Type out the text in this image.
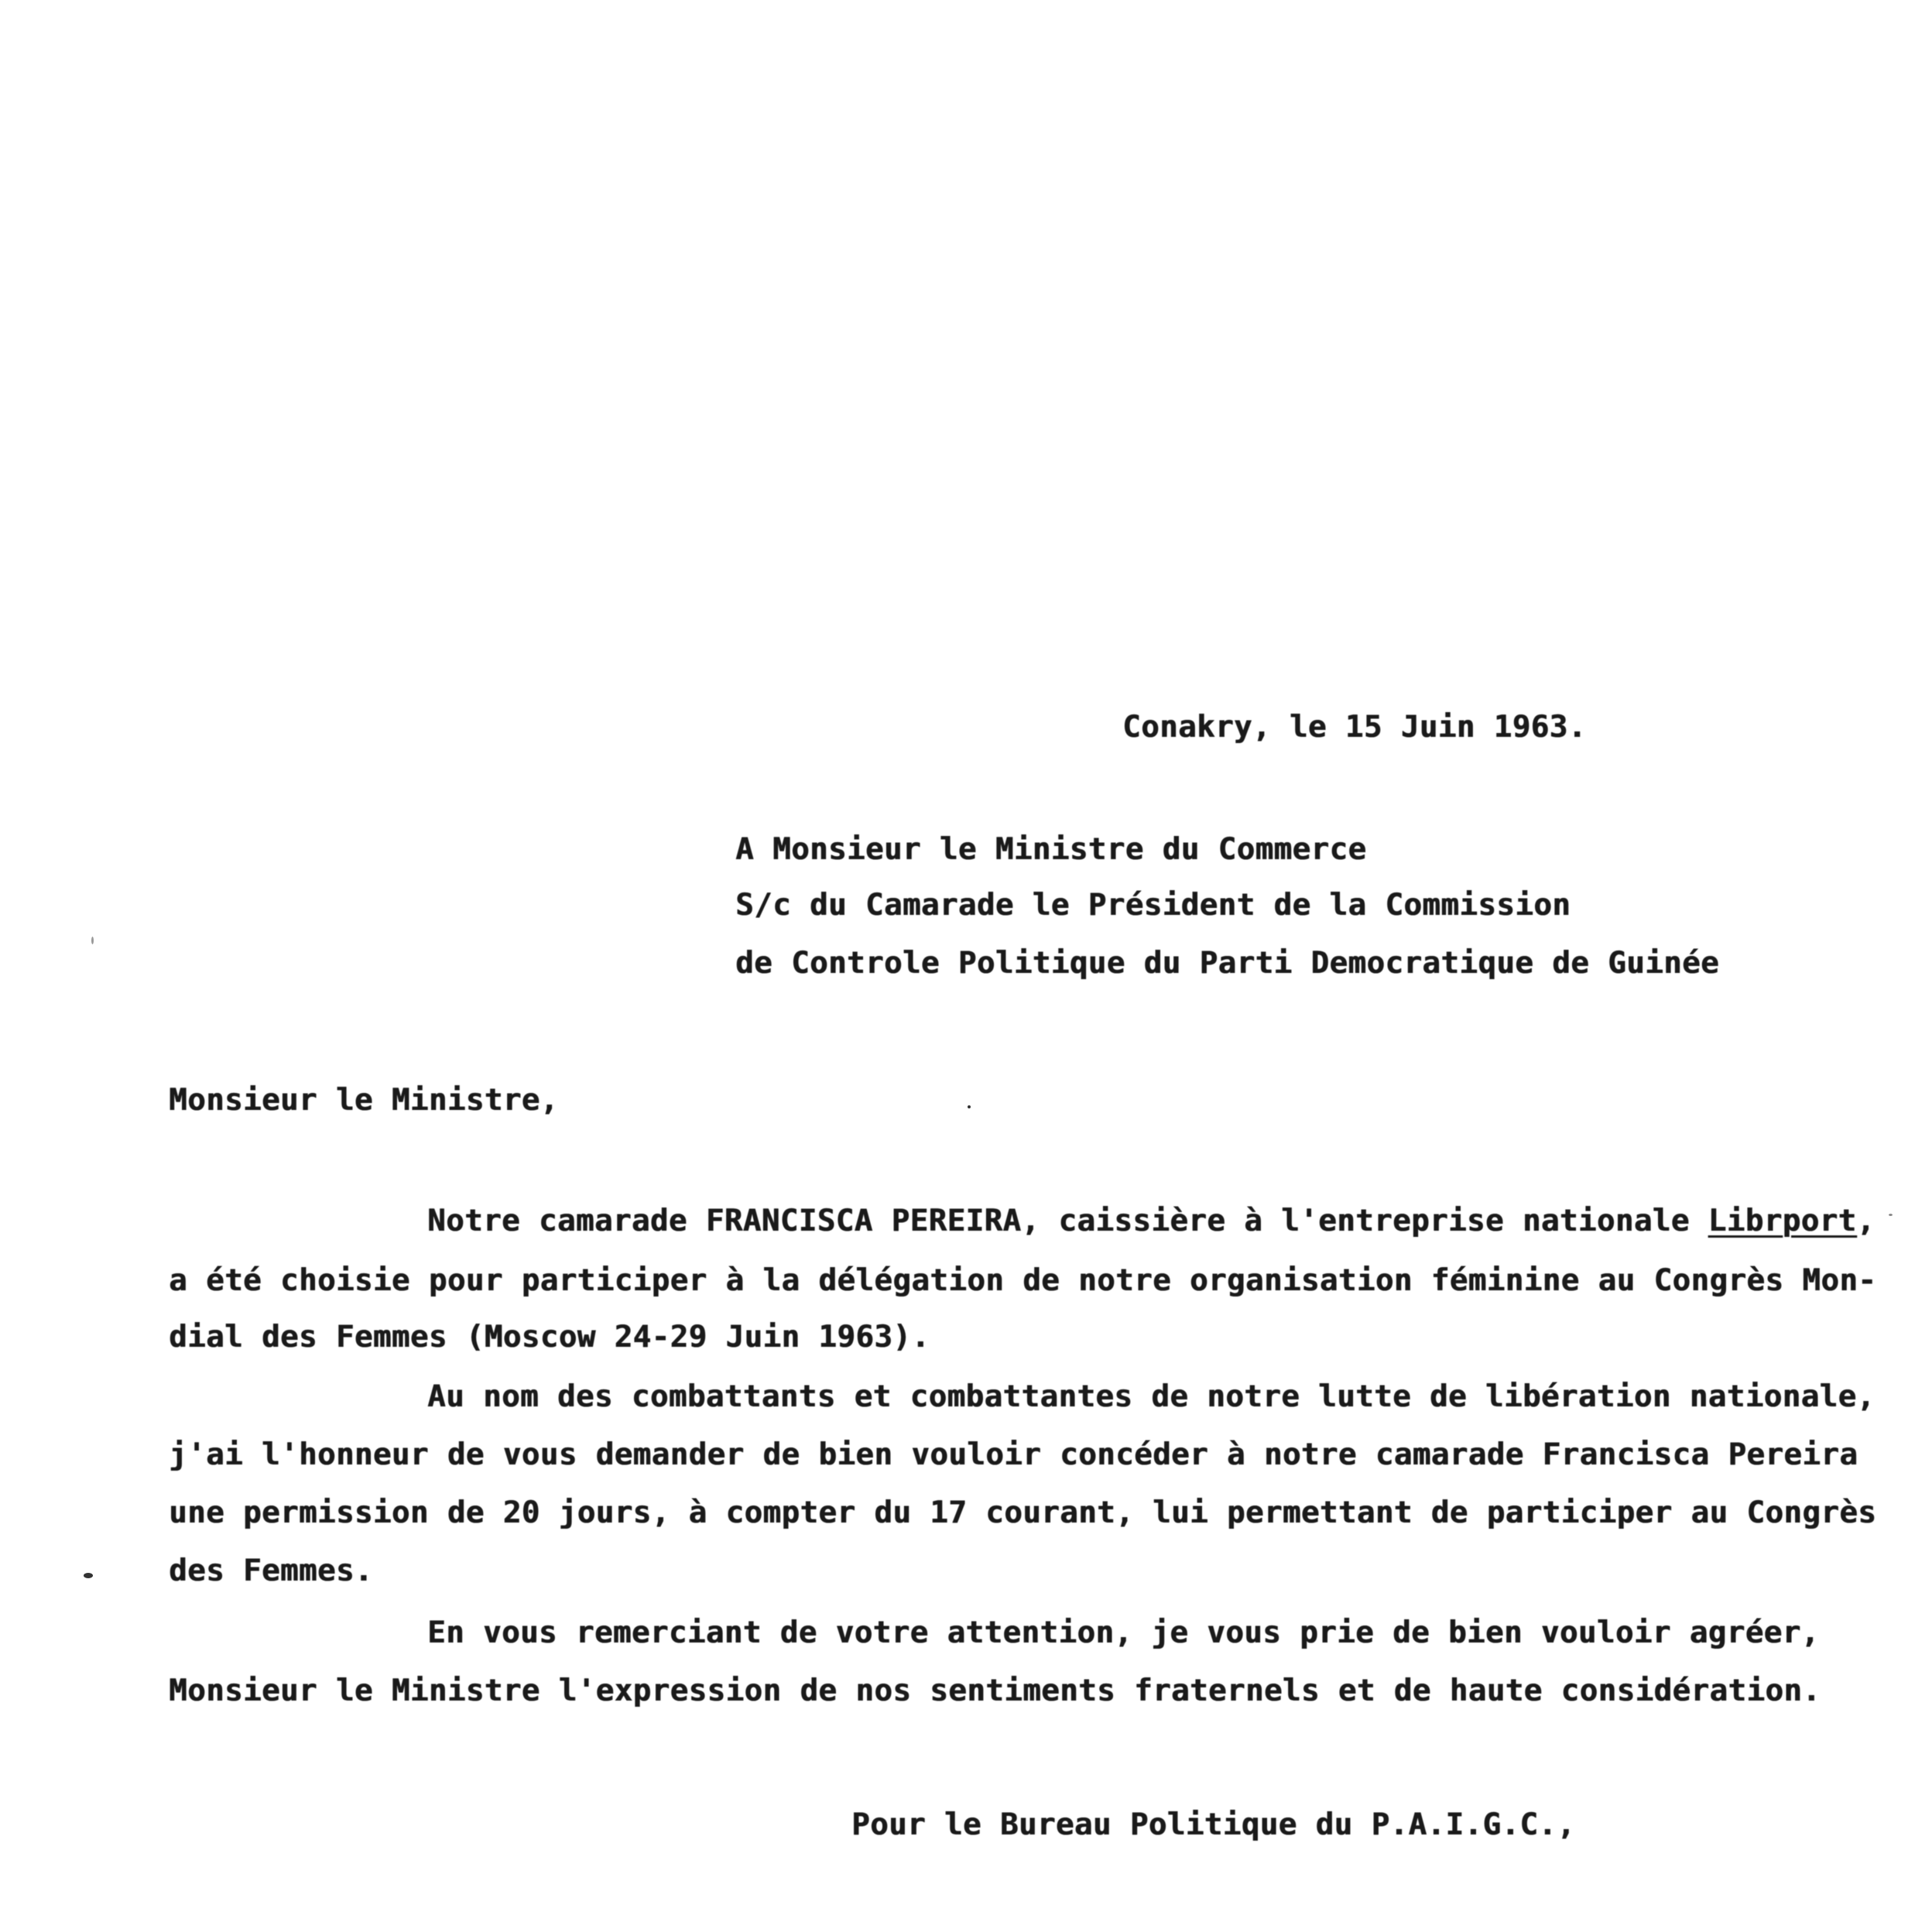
Conakry, le 15 Juin 1963.
A Monsieur le Ministre du Commerce
S/c du Camarade le Président de la Commission
de Controle Politique du Parti Democratique de Guinée
Monsieur le Ministre,
Notre camarade FRANCISCA PEREIRA, caissière à l'entreprise nationale Librport,
a été choisie pour participer à la délégation de notre organisation féminine au Congrès Mon-
dial des Femmes (Moscow 24-29 Juin 1963).
Au nom des combattants et combattantes de notre lutte de libération nationale,
j'ai l'honneur de vous demander de bien vouloir concéder à notre camarade Francisca Pereira
une permission de 20 jours, à compter du 17 courant, lui permettant de participer au Congrès
des Femmes.
En vous remerciant de votre attention, je vous prie de bien vouloir agréer,
Monsieur le Ministre l'expression de nos sentiments fraternels et de haute considération.
Pour le Bureau Politique du P.A.I.G.C.,
